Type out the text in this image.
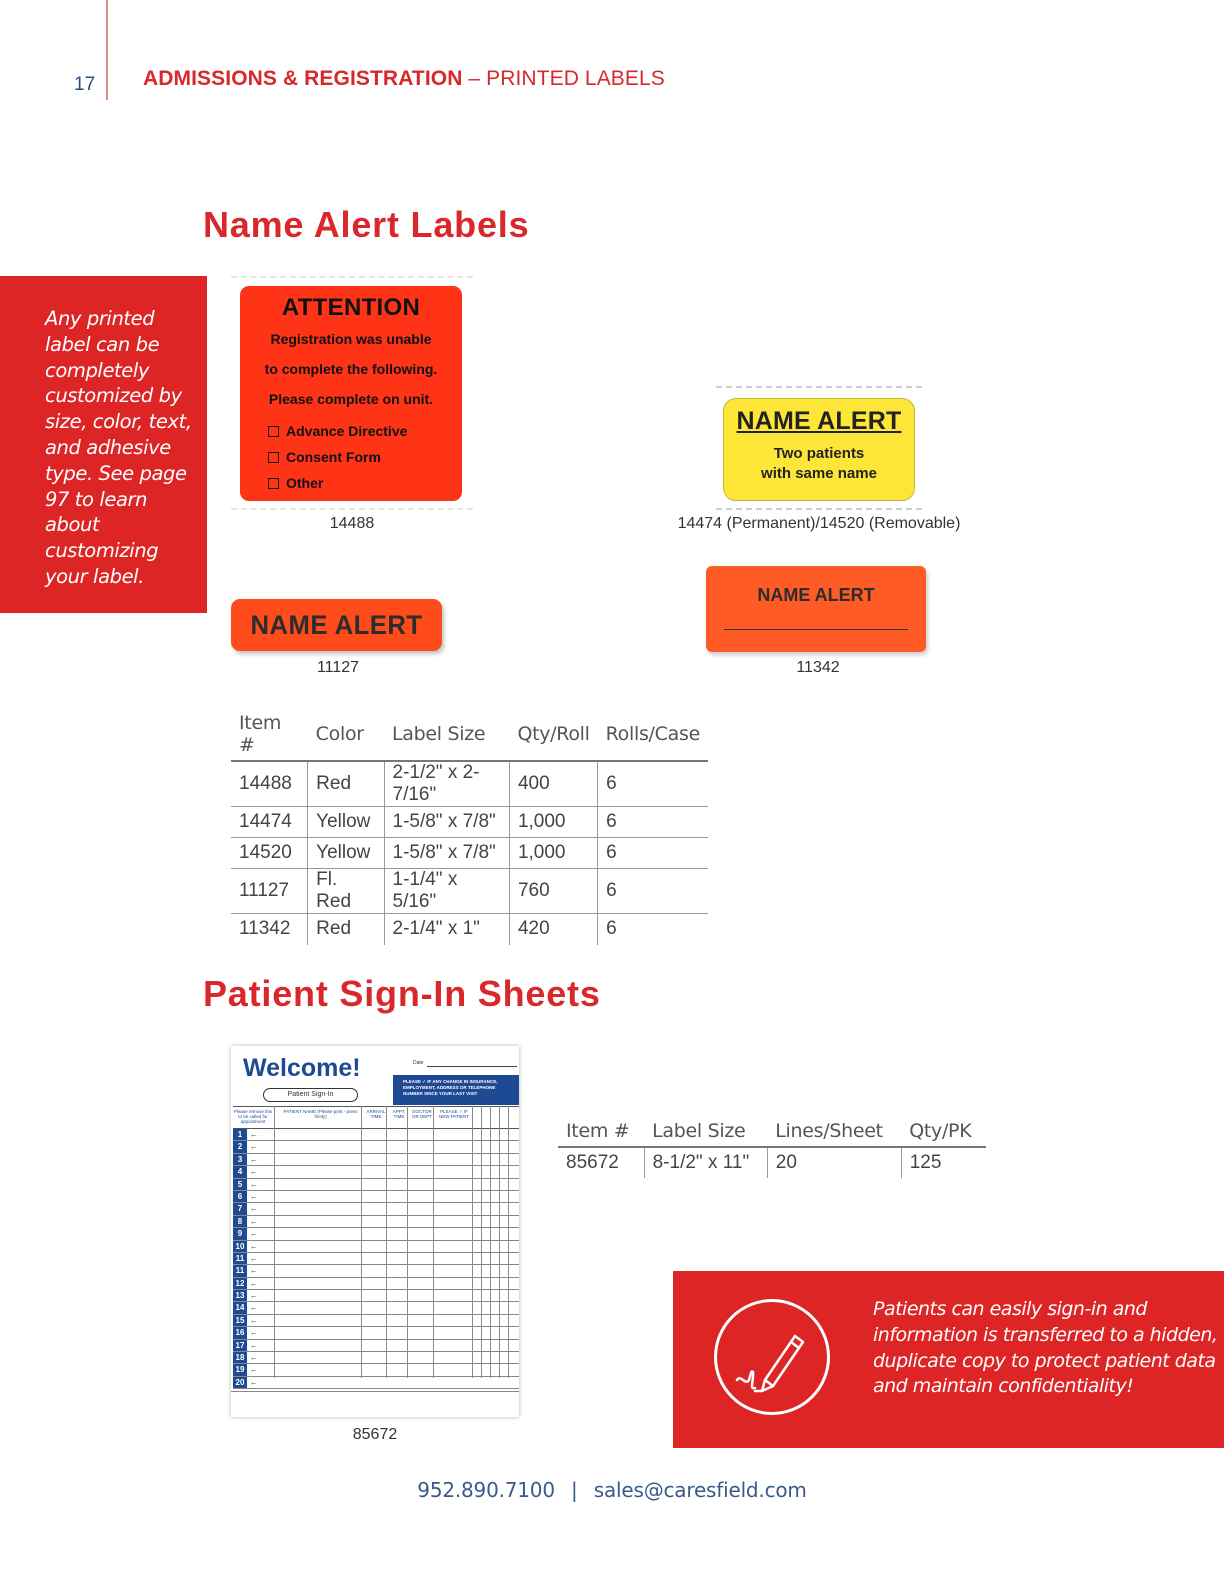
17 ADMISSIONS & REGISTRATION – PRINTED LABELS
Name Alert Labels

Any printed label can be completely customized by size, color, text, and adhesive type. See page 97 to learn about customizing your label.

ATTENTION
Registration was unable
to complete the following.
Please complete on unit.
Advance Directive
Consent Form
Other
14488
NAME ALERT
Two patients
with same name
14474 (Permanent)/14520 (Removable)
NAME ALERT
11127
NAME ALERT
11342
Item #	Color	Label Size	Qty/Roll	Rolls/Case
14488	Red	2-1/2" x 2-7/16"	400	6
14474	Yellow	1-5/8" x 7/8"	1,000	6
14520	Yellow	1-5/8" x 7/8"	1,000	6
11127	Fl. Red	1-1/4" x 5/16"	760	6
11342	Red	2-1/4" x 1"	420	6
Patient Sign-In Sheets
Welcome!
Patient Sign-In
Date
PLEASE ✓ IF ANY CHANGE IN INSURANCE, EMPLOYMENT, ADDRESS OR TELEPHONE NUMBER SINCE YOUR LAST VISIT
Please remove this to be called for appointment
PATIENT NAME (Please print - press firmly)
ARRIVAL TIME
APPT. TIME
DOCTOR OR DEPT
PLEASE ✓ IF NEW PATIENT
1 ←
2 ←
3 ←
4 ←
5 ←
6 ←
7 ←
8 ←
9 ←
10 ←
11 ←
11 ←
12 ←
13 ←
14 ←
15 ←
16 ←
17 ←
18 ←
19 ←
20 ←
85672
Item #	Label Size	Lines/Sheet	Qty/PK
85672	8-1/2" x 11"	20	125

Patients can easily sign-in and information is transferred to a hidden, duplicate copy to protect patient data and maintain confidentiality!

952.890.7100 | sales@caresfield.com
